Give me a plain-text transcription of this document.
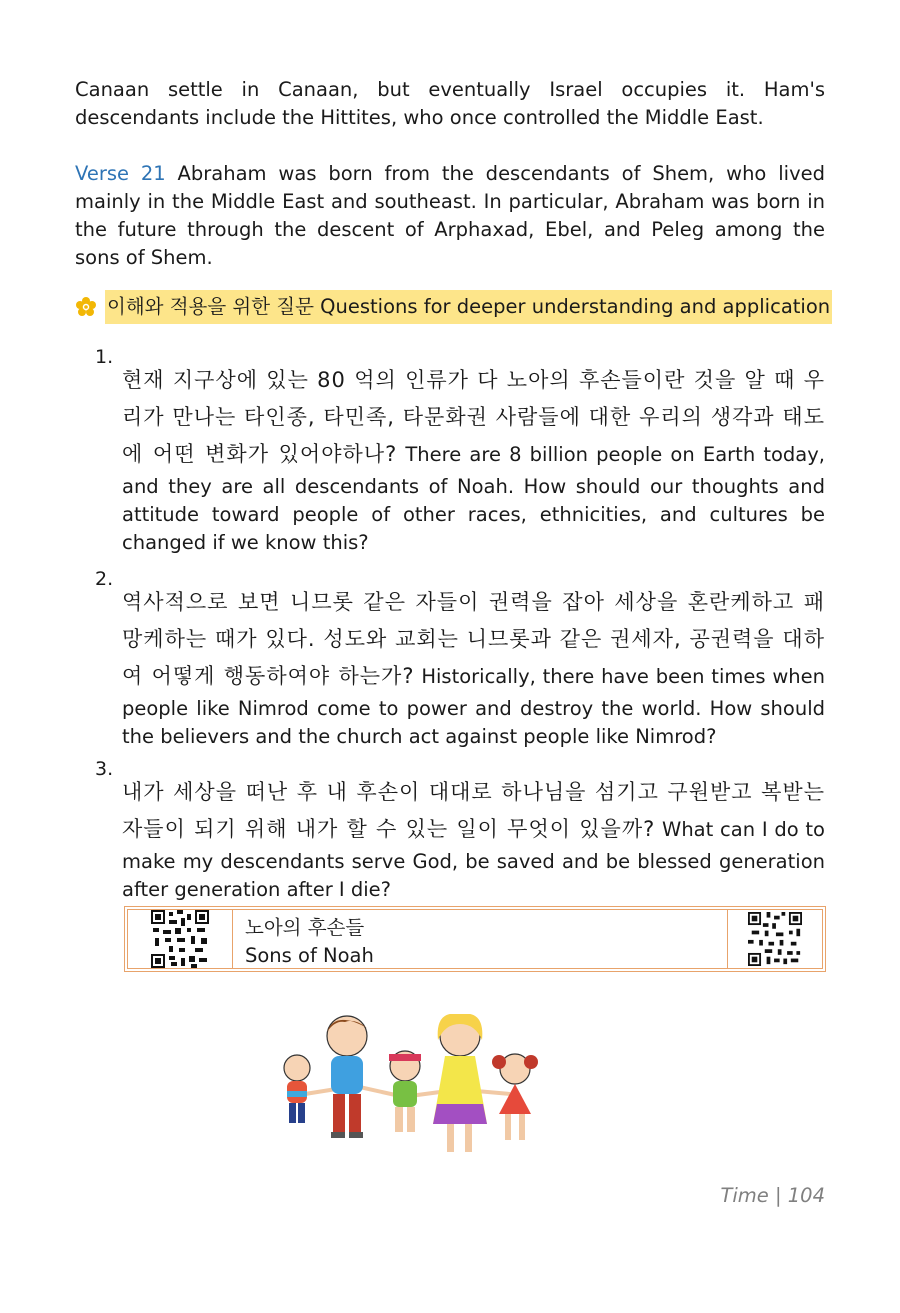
Canaan settle in Canaan, but eventually Israel occupies it. Ham's descendants include the Hittites, who once controlled the Middle East.

Verse 21 Abraham was born from the descendants of Shem, who lived mainly in the Middle East and southeast. In particular, Abraham was born in the future through the descent of Arphaxad, Ebel, and Peleg among the sons of Shem.

이해와 적용을 위한 질문 Questions for deeper understanding and application
1.

현재 지구상에 있는 80 억의 인류가 다 노아의 후손들이란 것을 알 때 우리가 만나는 타인종, 타민족, 타문화권 사람들에 대한 우리의 생각과 태도에 어떤 변화가 있어야하나? There are 8 billion people on Earth today, and they are all descendants of Noah. How should our thoughts and attitude toward people of other races, ethnicities, and cultures be changed if we know this?

2.

역사적으로 보면 니므롯 같은 자들이 권력을 잡아 세상을 혼란케하고 패망케하는 때가 있다. 성도와 교회는 니므롯과 같은 권세자, 공권력을 대하여 어떻게 행동하여야 하는가? Historically, there have been times when people like Nimrod come to power and destroy the world. How should the believers and the church act against people like Nimrod?

3.

내가 세상을 떠난 후 내 후손이 대대로 하나님을 섬기고 구원받고 복받는 자들이 되기 위해 내가 할 수 있는 일이 무엇이 있을까? What can I do to make my descendants serve God, be saved and be blessed generation after generation after I die?

노아의 후손들
Sons of Noah
Time | 104
